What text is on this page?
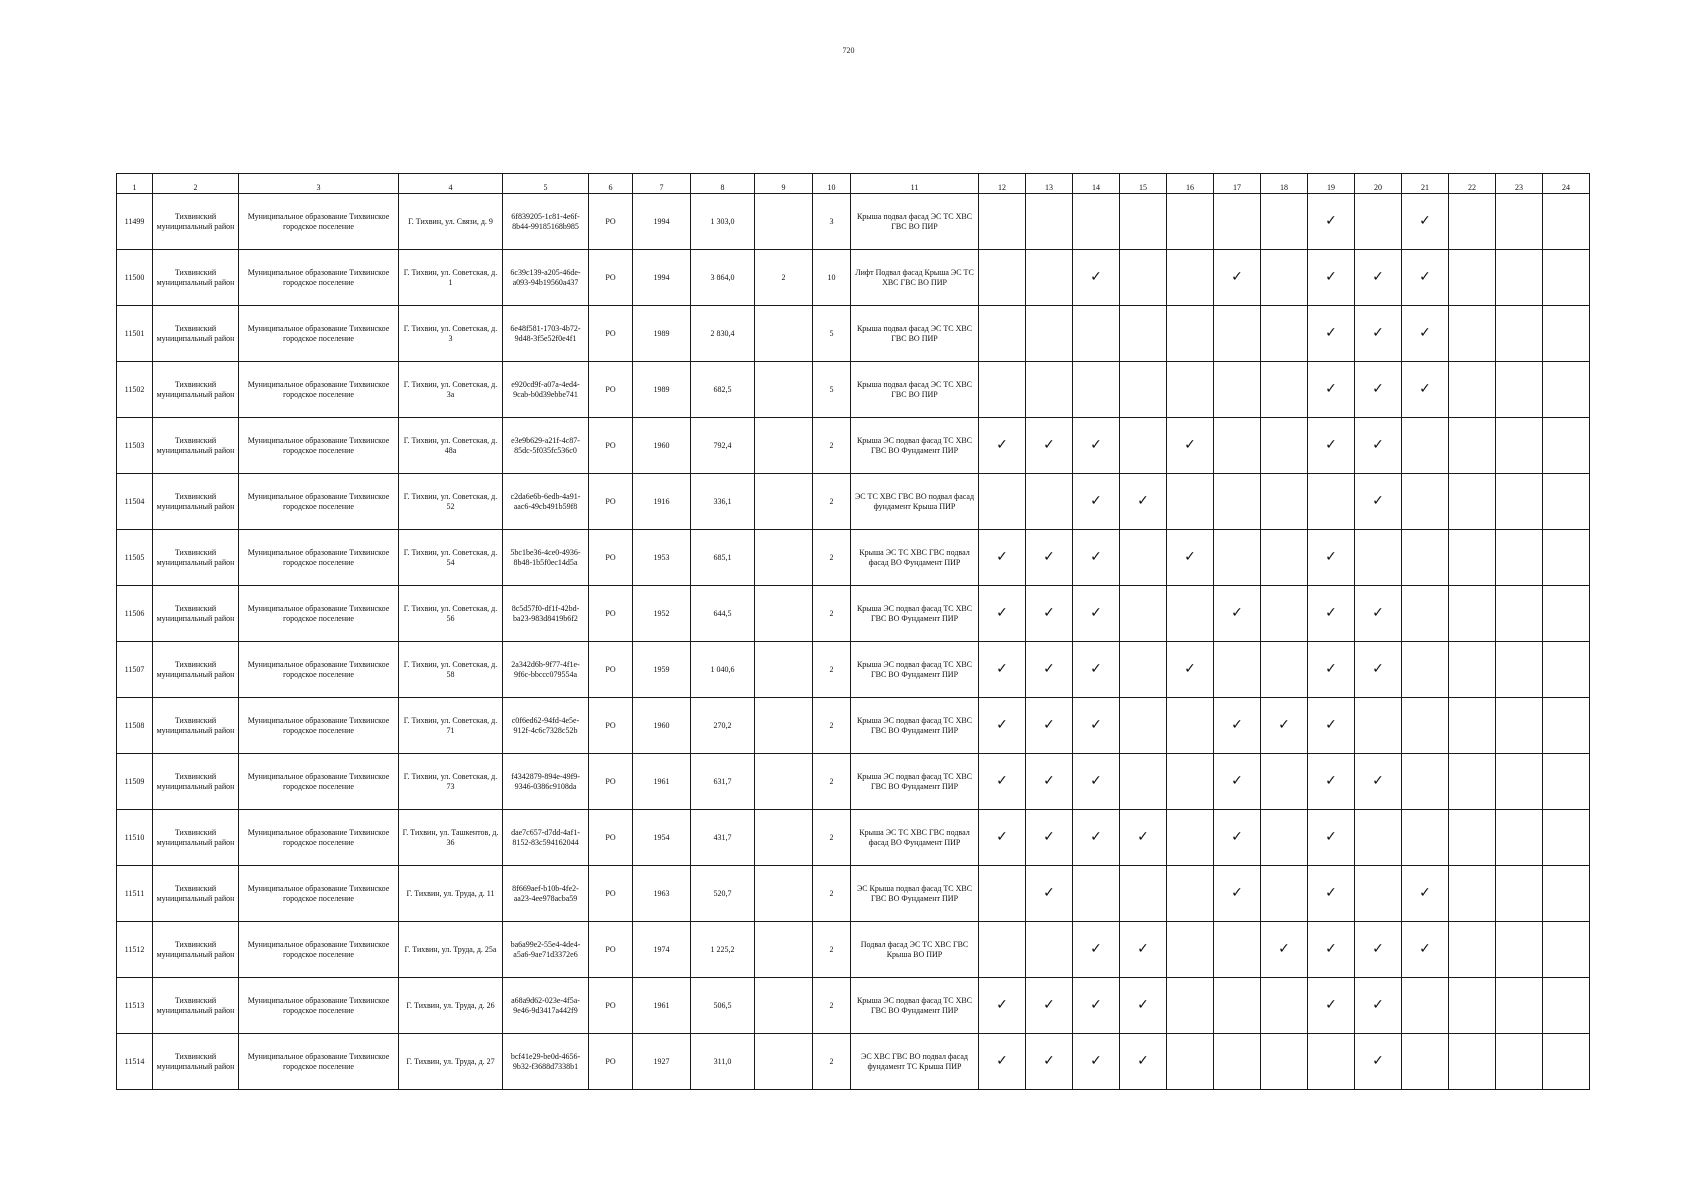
720
1	2	3	4	5	6	7	8	9	10	11	12	13	14	15	16	17	18	19	20	21	22	23	24
11499	Тихвинский муниципальный район	Муниципальное образование Тихвинское городское поселение	Г. Тихвин, ул. Связи, д. 9	6f839205-1c81-4e6f-8b44-99185168b985	РО	1994	1 303,0		3	Крыша подвал фасад ЭС ТС ХВС ГВС ВО ПИР								✓		✓			
11500	Тихвинский муниципальный район	Муниципальное образование Тихвинское городское поселение	Г. Тихвин, ул. Советская, д. 1	6c39c139-a205-46de-a093-94b19560a437	РО	1994	3 864,0	2	10	Лифт Подвал фасад Крыша ЭС ТС ХВС ГВС ВО ПИР			✓			✓		✓	✓	✓			
11501	Тихвинский муниципальный район	Муниципальное образование Тихвинское городское поселение	Г. Тихвин, ул. Советская, д. 3	6e48f581-1703-4b72-9d48-3f5e52f0e4f1	РО	1989	2 830,4		5	Крыша подвал фасад ЭС ТС ХВС ГВС ВО ПИР								✓	✓	✓			
11502	Тихвинский муниципальный район	Муниципальное образование Тихвинское городское поселение	Г. Тихвин, ул. Советская, д. 3а	e920cd9f-a07a-4ed4-9cab-b0d39ebbe741	РО	1989	682,5		5	Крыша подвал фасад ЭС ТС ХВС ГВС ВО ПИР								✓	✓	✓			
11503	Тихвинский муниципальный район	Муниципальное образование Тихвинское городское поселение	Г. Тихвин, ул. Советская, д. 48а	e3e9b629-a21f-4c87-85dc-5f035fc536c0	РО	1960	792,4		2	Крыша ЭС подвал фасад ТС ХВС ГВС ВО Фундамент ПИР	✓	✓	✓		✓			✓	✓				
11504	Тихвинский муниципальный район	Муниципальное образование Тихвинское городское поселение	Г. Тихвин, ул. Советская, д. 52	c2da6e6b-6edb-4a91-aac6-49cb491b59f8	РО	1916	336,1		2	ЭС ТС ХВС ГВС ВО подвал фасад фундамент Крыша ПИР			✓	✓					✓				
11505	Тихвинский муниципальный район	Муниципальное образование Тихвинское городское поселение	Г. Тихвин, ул. Советская, д. 54	5bc1be36-4ce0-4936-8b48-1b5f0ec14d5a	РО	1953	685,1		2	Крыша ЭС ТС ХВС ГВС подвал фасад ВО Фундамент ПИР	✓	✓	✓		✓			✓					
11506	Тихвинский муниципальный район	Муниципальное образование Тихвинское городское поселение	Г. Тихвин, ул. Советская, д. 56	8c5d57f0-df1f-42bd-ba23-983d8419b6f2	РО	1952	644,5		2	Крыша ЭС подвал фасад ТС ХВС ГВС ВО Фундамент ПИР	✓	✓	✓			✓		✓	✓				
11507	Тихвинский муниципальный район	Муниципальное образование Тихвинское городское поселение	Г. Тихвин, ул. Советская, д. 58	2a342d6b-9f77-4f1e-9f6c-bbccc079554a	РО	1959	1 040,6		2	Крыша ЭС подвал фасад ТС ХВС ГВС ВО Фундамент ПИР	✓	✓	✓		✓			✓	✓				
11508	Тихвинский муниципальный район	Муниципальное образование Тихвинское городское поселение	Г. Тихвин, ул. Советская, д. 71	c0f6ed62-94fd-4e5e-912f-4c6c7328c52b	РО	1960	270,2		2	Крыша ЭС подвал фасад ТС ХВС ГВС ВО Фундамент ПИР	✓	✓	✓			✓	✓	✓					
11509	Тихвинский муниципальный район	Муниципальное образование Тихвинское городское поселение	Г. Тихвин, ул. Советская, д. 73	f4342879-894e-49f9-9346-0386c9108da	РО	1961	631,7		2	Крыша ЭС подвал фасад ТС ХВС ГВС ВО Фундамент ПИР	✓	✓	✓			✓		✓	✓				
11510	Тихвинский муниципальный район	Муниципальное образование Тихвинское городское поселение	Г. Тихвин, ул. Ташкентов, д. 36	dae7c657-d7dd-4af1-8152-83c594162044	РО	1954	431,7		2	Крыша ЭС ТС ХВС ГВС подвал фасад ВО Фундамент ПИР	✓	✓	✓	✓		✓		✓					
11511	Тихвинский муниципальный район	Муниципальное образование Тихвинское городское поселение	Г. Тихвин, ул. Труда, д. 11	8f669aef-b10b-4fe2-aa23-4ee978acba59	РО	1963	520,7		2	ЭС Крыша подвал фасад ТС ХВС ГВС ВО Фундамент ПИР		✓				✓		✓		✓			
11512	Тихвинский муниципальный район	Муниципальное образование Тихвинское городское поселение	Г. Тихвин, ул. Труда, д. 25а	ba6a99e2-55e4-4de4-a5a6-9ae71d3372e6	РО	1974	1 225,2		2	Подвал фасад ЭС ТС ХВС ГВС Крыша ВО ПИР			✓	✓			✓	✓	✓	✓			
11513	Тихвинский муниципальный район	Муниципальное образование Тихвинское городское поселение	Г. Тихвин, ул. Труда, д. 26	a68a9d62-023e-4f5a-9e46-9d3417a442f9	РО	1961	506,5		2	Крыша ЭС подвал фасад ТС ХВС ГВС ВО Фундамент ПИР	✓	✓	✓	✓				✓	✓				
11514	Тихвинский муниципальный район	Муниципальное образование Тихвинское городское поселение	Г. Тихвин, ул. Труда, д. 27	bcf41e29-be0d-4656-9b32-f3688d7338b1	РО	1927	311,0		2	ЭС ХВС ГВС ВО подвал фасад фундамент ТС Крыша ПИР	✓	✓	✓	✓					✓				
